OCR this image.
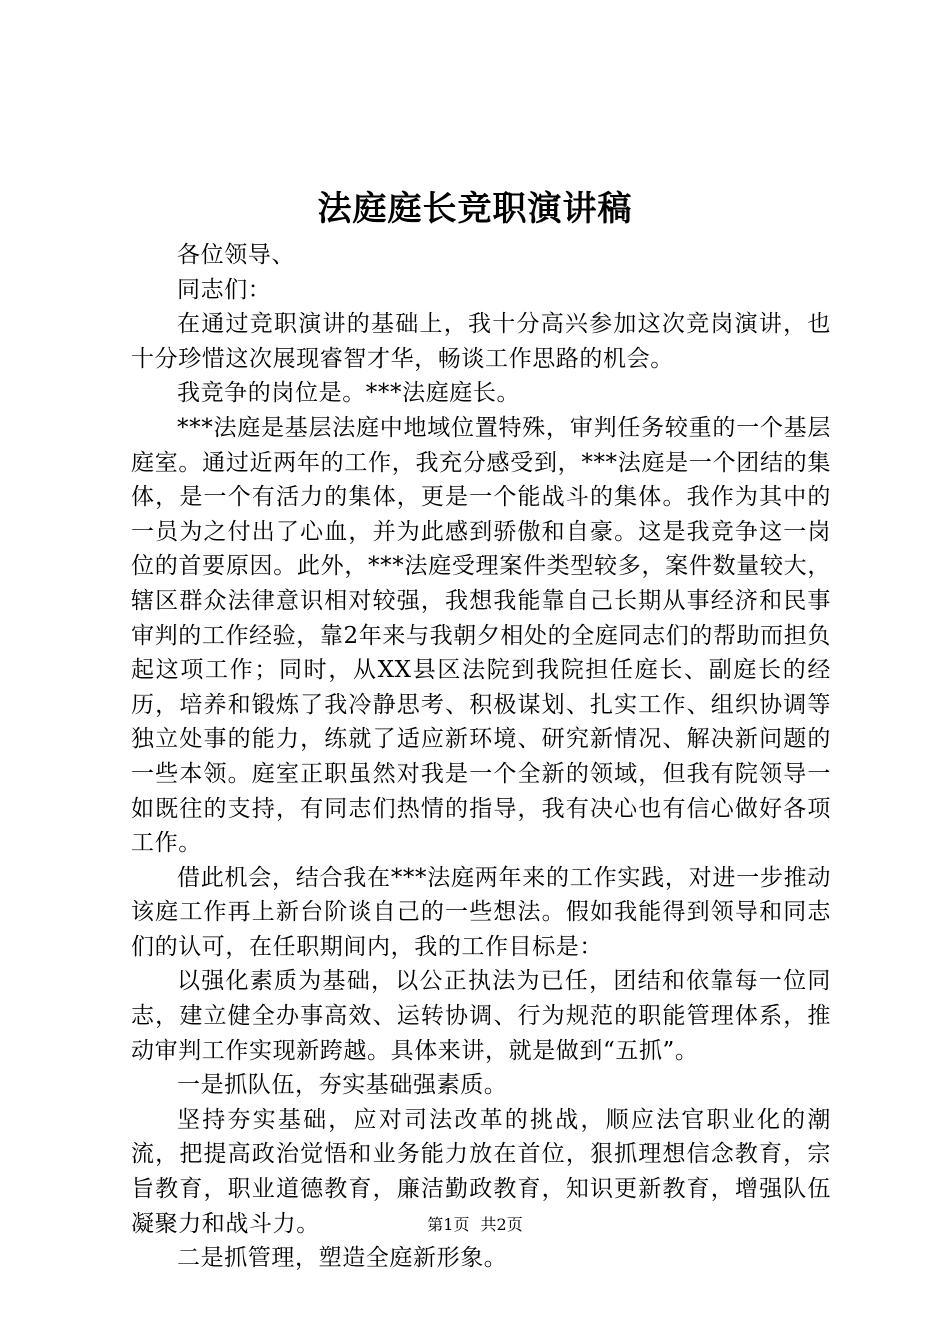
法庭庭长竞职演讲稿

各位领导、

同志们：

在通过竞职演讲的基础上，我十分高兴参加这次竞岗演讲，也十分珍惜这次展现睿智才华，畅谈工作思路的机会。

我竞争的岗位是。***法庭庭长。

***法庭是基层法庭中地域位置特殊，审判任务较重的一个基层庭室。通过近两年的工作，我充分感受到，***法庭是一个团结的集体，是一个有活力的集体，更是一个能战斗的集体。我作为其中的一员为之付出了心血，并为此感到骄傲和自豪。这是我竞争这一岗位的首要原因。此外，***法庭受理案件类型较多，案件数量较大，辖区群众法律意识相对较强，我想我能靠自己长期从事经济和民事审判的工作经验，靠2年来与我朝夕相处的全庭同志们的帮助而担负起这项工作；同时，从XX县区法院到我院担任庭长、副庭长的经历，培养和锻炼了我冷静思考、积极谋划、扎实工作、组织协调等独立处事的能力，练就了适应新环境、研究新情况、解决新问题的一些本领。庭室正职虽然对我是一个全新的领域，但我有院领导一如既往的支持，有同志们热情的指导，我有决心也有信心做好各项工作。

借此机会，结合我在***法庭两年来的工作实践，对进一步推动该庭工作再上新台阶谈自己的一些想法。假如我能得到领导和同志们的认可，在任职期间内，我的工作目标是：

以强化素质为基础，以公正执法为已任，团结和依靠每一位同志，建立健全办事高效、运转协调、行为规范的职能管理体系，推动审判工作实现新跨越。具体来讲，就是做到“五抓”。

一是抓队伍，夯实基础强素质。

坚持夯实基础，应对司法改革的挑战，顺应法官职业化的潮流，把提高政治觉悟和业务能力放在首位，狠抓理想信念教育，宗旨教育，职业道德教育，廉洁勤政教育，知识更新教育，增强队伍凝聚力和战斗力。

二是抓管理，塑造全庭新形象。

第1页 共2页
